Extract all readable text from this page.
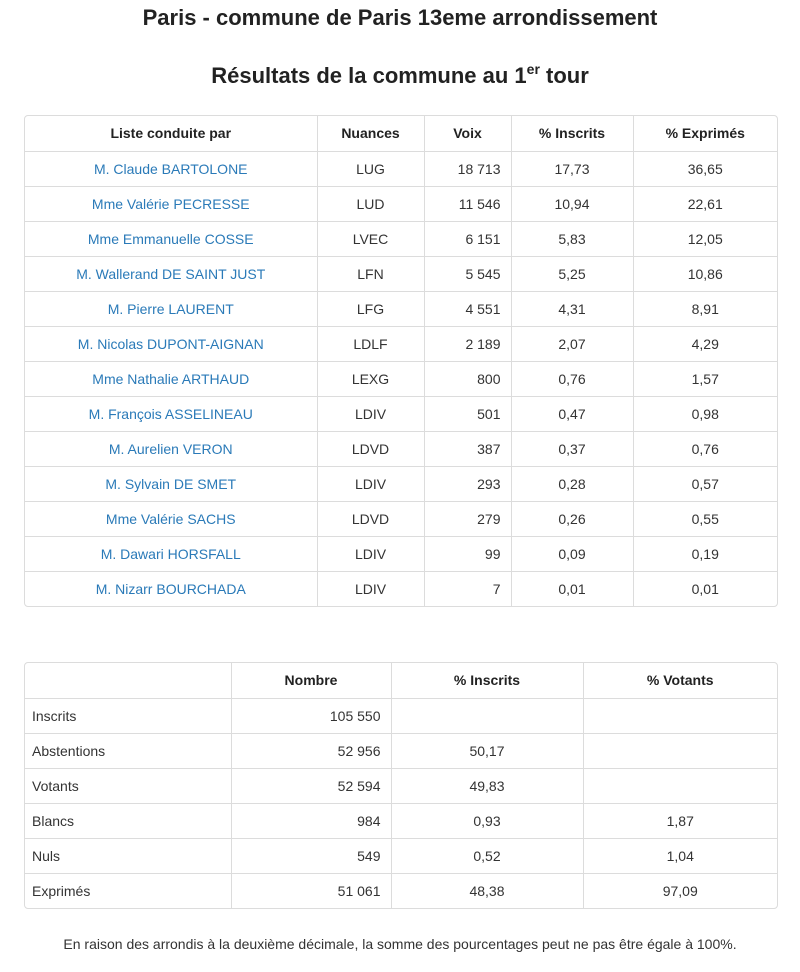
Paris - commune de Paris 13eme arrondissement
Résultats de la commune au 1er tour
Liste conduite par	Nuances	Voix	% Inscrits	% Exprimés
M. Claude BARTOLONE	LUG	18 713	17,73	36,65
Mme Valérie PECRESSE	LUD	11 546	10,94	22,61
Mme Emmanuelle COSSE	LVEC	6 151	5,83	12,05
M. Wallerand DE SAINT JUST	LFN	5 545	5,25	10,86
M. Pierre LAURENT	LFG	4 551	4,31	8,91
M. Nicolas DUPONT-AIGNAN	LDLF	2 189	2,07	4,29
Mme Nathalie ARTHAUD	LEXG	800	0,76	1,57
M. François ASSELINEAU	LDIV	501	0,47	0,98
M. Aurelien VERON	LDVD	387	0,37	0,76
M. Sylvain DE SMET	LDIV	293	0,28	0,57
Mme Valérie SACHS	LDVD	279	0,26	0,55
M. Dawari HORSFALL	LDIV	99	0,09	0,19
M. Nizarr BOURCHADA	LDIV	7	0,01	0,01
	Nombre	% Inscrits	% Votants
Inscrits	105 550		
Abstentions	52 956	50,17	
Votants	52 594	49,83	
Blancs	984	0,93	1,87
Nuls	549	0,52	1,04
Exprimés	51 061	48,38	97,09
En raison des arrondis à la deuxième décimale, la somme des pourcentages peut ne pas être égale à 100%.
